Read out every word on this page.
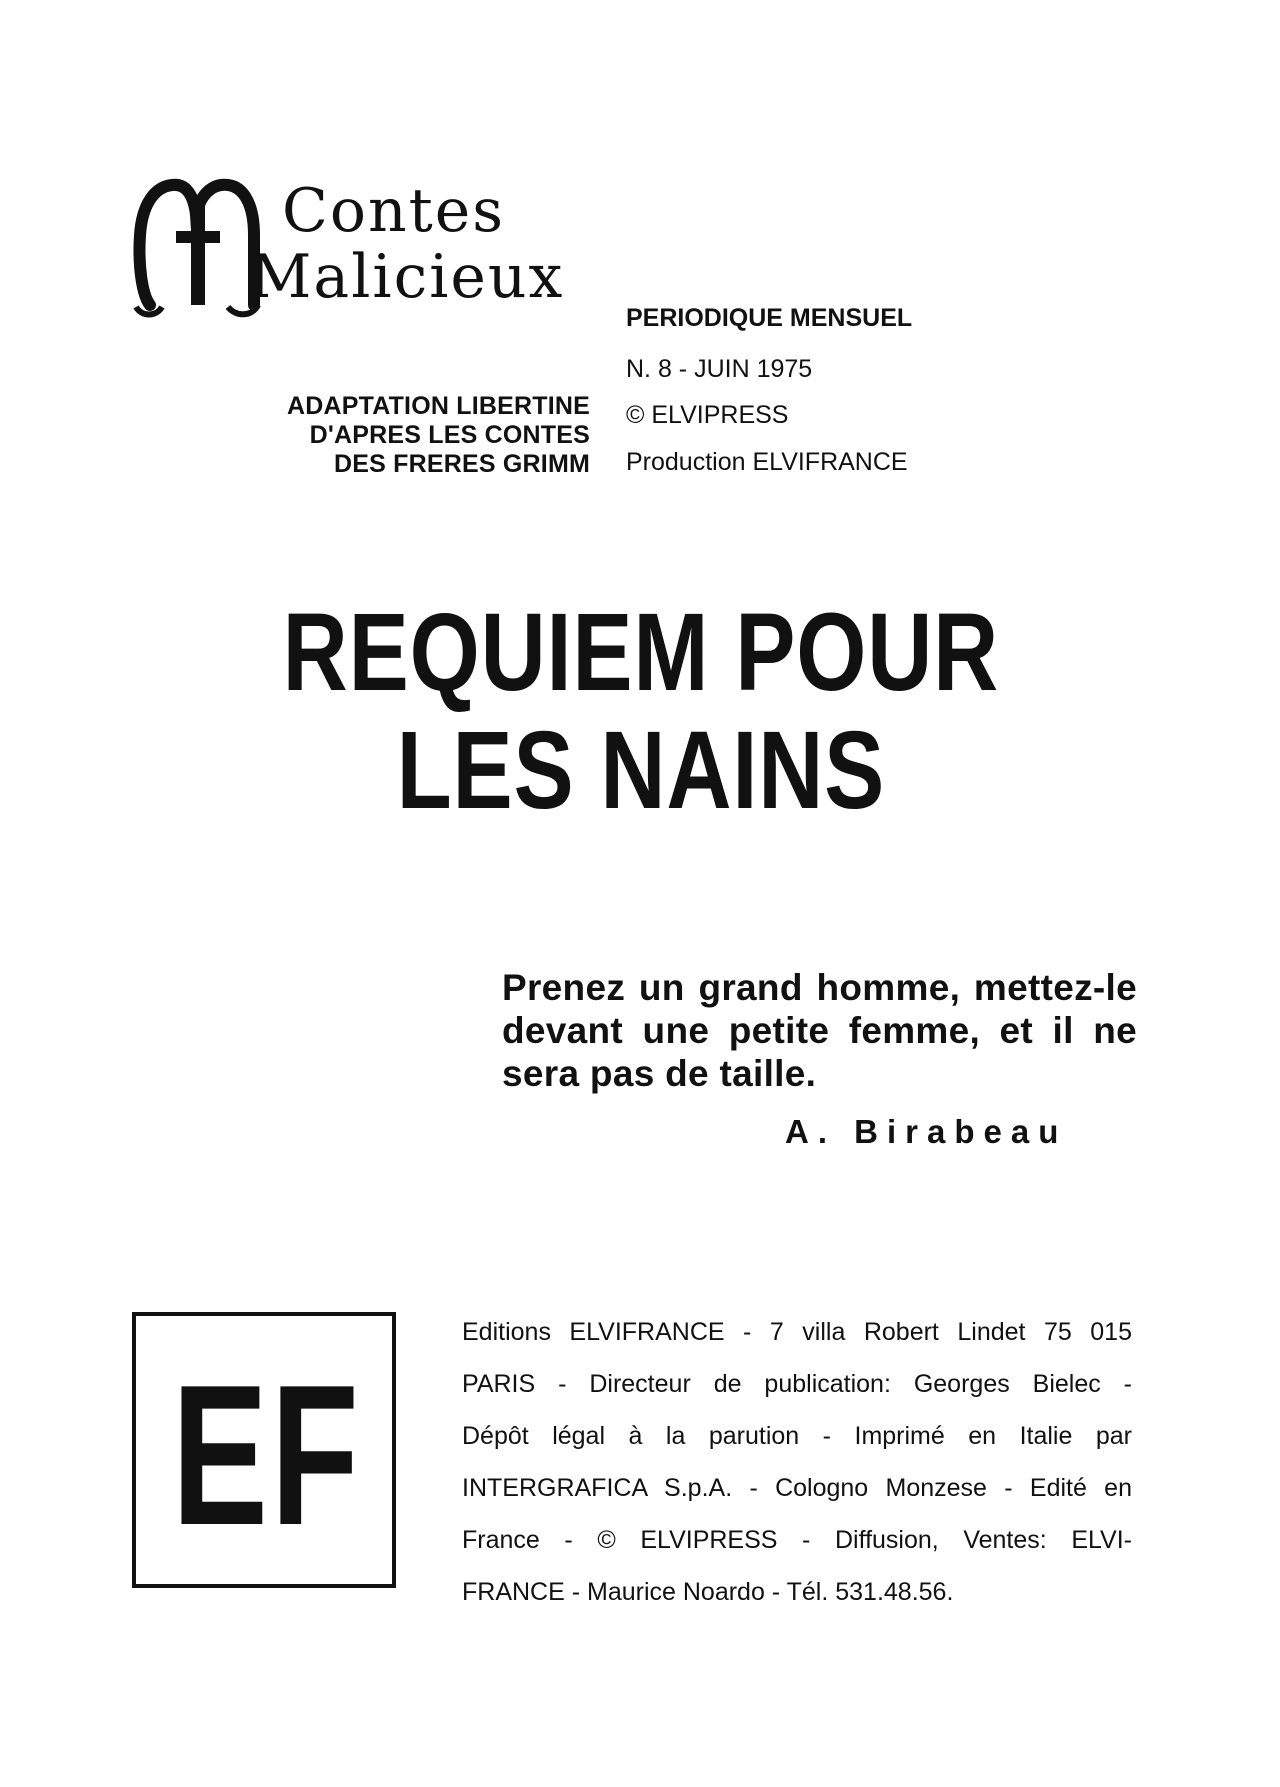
Contes
Malicieux
ADAPTATION LIBERTINE
D'APRES LES CONTES
DES FRERES GRIMM
PERIODIQUE MENSUEL
N. 8 - JUIN 1975
© ELVIPRESS
Production ELVIFRANCE
REQUIEM POUR
LES NAINS
Prenez un grand homme, mettez-le devant une petite femme, et il ne sera pas de taille.
A. Birabeau
EF
Editions ELVIFRANCE - 7 villa Robert Lindet 75 015
PARIS - Directeur de publication: Georges Bielec -
Dépôt légal à la parution - Imprimé en Italie par
INTERGRAFICA S.p.A. - Cologno Monzese - Edité en
France - © ELVIPRESS - Diffusion, Ventes: ELVI-
FRANCE - Maurice Noardo - Tél. 531.48.56.
